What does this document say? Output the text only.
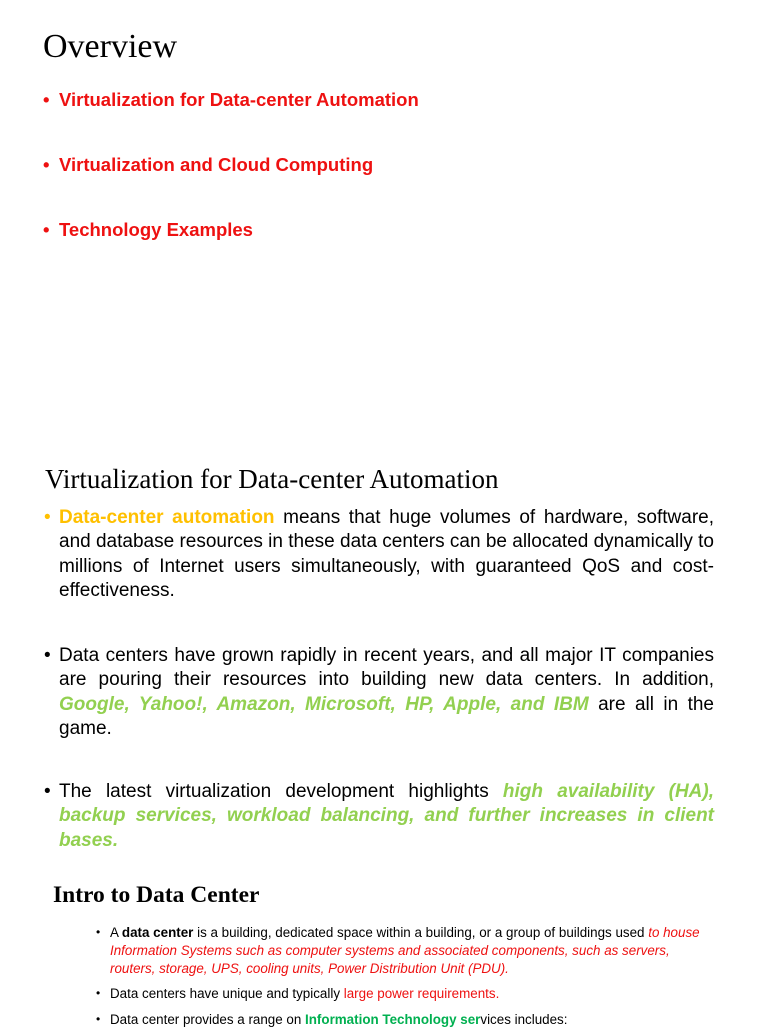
Overview
• Virtualization for Data-center Automation
• Virtualization and Cloud Computing
• Technology Examples
Virtualization for Data-center Automation
• Data-center automation means that huge volumes of hardware, software, and database resources in these data centers can be allocated dynamically to millions of Internet users simultaneously, with guaranteed QoS and cost-effectiveness.
• Data centers have grown rapidly in recent years, and all major IT companies are pouring their resources into building new data centers. In addition, Google, Yahoo!, Amazon, Microsoft, HP, Apple, and IBM are all in the game.
• The latest virtualization development highlights high availability (HA), backup services, workload balancing, and further increases in client bases.
Intro to Data Center
• A data center is a building, dedicated space within a building, or a group of buildings used to house Information Systems such as computer systems and associated components, such as servers, routers, storage, UPS, cooling units, Power Distribution Unit (PDU).
• Data centers have unique and typically large power requirements.
• Data center provides a range on Information Technology services includes:
